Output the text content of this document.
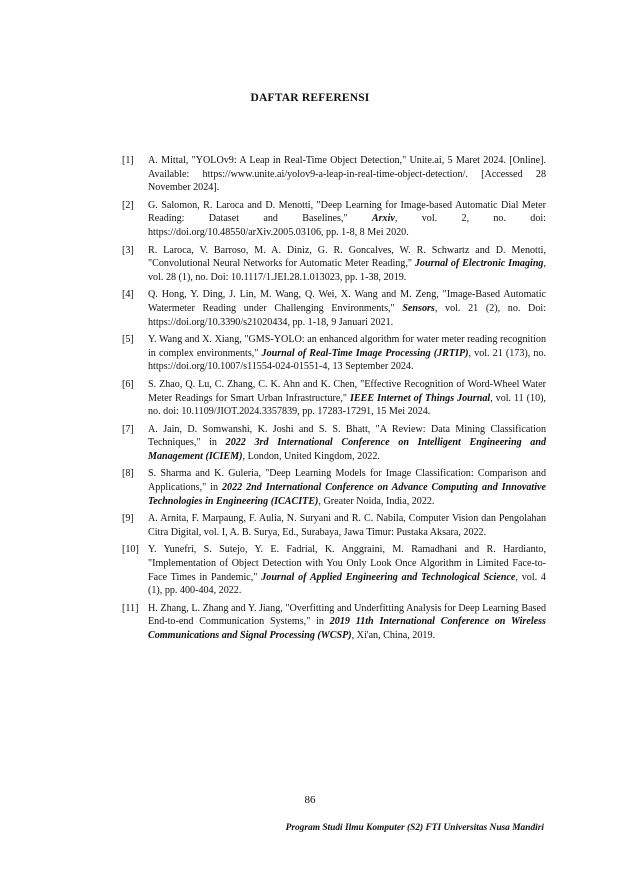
DAFTAR REFERENSI
[1]	A. Mittal, "YOLOv9: A Leap in Real-Time Object Detection," Unite.ai, 5 Maret 2024. [Online]. Available: https://www.unite.ai/yolov9-a-leap-in-real-time-object-detection/. [Accessed 28 November 2024].
[2]	G. Salomon, R. Laroca and D. Menotti, "Deep Learning for Image-based Automatic Dial Meter Reading: Dataset and Baselines," Arxiv, vol. 2, no. doi: https://doi.org/10.48550/arXiv.2005.03106, pp. 1-8, 8 Mei 2020.
[3]	R. Laroca, V. Barroso, M. A. Diniz, G. R. Goncalves, W. R. Schwartz and D. Menotti, "Convolutional Neural Networks for Automatic Meter Reading," Journal of Electronic Imaging, vol. 28 (1), no. Doi: 10.1117/1.JEI.28.1.013023, pp. 1-38, 2019.
[4]	Q. Hong, Y. Ding, J. Lin, M. Wang, Q. Wei, X. Wang and M. Zeng, "Image-Based Automatic Watermeter Reading under Challenging Environments," Sensors, vol. 21 (2), no. Doi: https://doi.org/10.3390/s21020434, pp. 1-18, 9 Januari 2021.
[5]	Y. Wang and X. Xiang, "GMS-YOLO: an enhanced algorithm for water meter reading recognition in complex environments," Journal of Real-Time Image Processing (JRTIP), vol. 21 (173), no. https://doi.org/10.1007/s11554-024-01551-4, 13 September 2024.
[6]	S. Zhao, Q. Lu, C. Zhang, C. K. Ahn and K. Chen, "Effective Recognition of Word-Wheel Water Meter Readings for Smart Urban Infrastructure," IEEE Internet of Things Journal, vol. 11 (10), no. doi: 10.1109/JIOT.2024.3357839, pp. 17283-17291, 15 Mei 2024.
[7]	A. Jain, D. Somwanshi, K. Joshi and S. S. Bhatt, "A Review: Data Mining Classification Techniques," in 2022 3rd International Conference on Intelligent Engineering and Management (ICIEM), London, United Kingdom, 2022.
[8]	S. Sharma and K. Guleria, "Deep Learning Models for Image Classification: Comparison and Applications," in 2022 2nd International Conference on Advance Computing and Innovative Technologies in Engineering (ICACITE), Greater Noida, India, 2022.
[9]	A. Arnita, F. Marpaung, F. Aulia, N. Suryani and R. C. Nabila, Computer Vision dan Pengolahan Citra Digital, vol. I, A. B. Surya, Ed., Surabaya, Jawa Timur: Pustaka Aksara, 2022.
[10] Y. Yunefri, S. Sutejo, Y. E. Fadrial, K. Anggraini, M. Ramadhani and R. Hardianto, "Implementation of Object Detection with You Only Look Once Algorithm in Limited Face-to-Face Times in Pandemic," Journal of Applied Engineering and Technological Science, vol. 4 (1), pp. 400-404, 2022.
[11] H. Zhang, L. Zhang and Y. Jiang, "Overfitting and Underfitting Analysis for Deep Learning Based End-to-end Communication Systems," in 2019 11th International Conference on Wireless Communications and Signal Processing (WCSP), Xi'an, China, 2019.
86
Program Studi Ilmu Komputer (S2) FTI Universitas Nusa Mandiri
